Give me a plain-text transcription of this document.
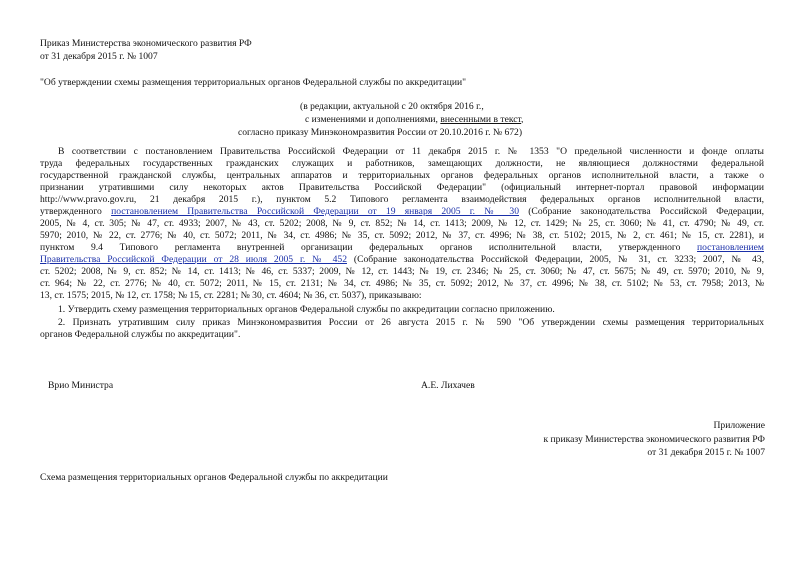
Приказ Министерства экономического развития РФ
от 31 декабря 2015 г. № 1007
"Об утверждении схемы размещения территориальных органов Федеральной службы по аккредитации"
(в редакции, актуальной с 20 октября 2016 г.,
с изменениями и дополнениями, внесенными в текст,
согласно приказу Минэкономразвития России от 20.10.2016 г. № 672)
В соответствии с постановлением Правительства Российской Федерации от 11 декабря 2015 г. № 1353 "О предельной численности и фонде оплаты
труда федеральных государственных гражданских служащих и работников, замещающих должности, не являющиеся должностями федеральной
государственной гражданской службы, центральных аппаратов и территориальных органов федеральных органов исполнительной власти, а также о
признании утратившими силу некоторых актов Правительства Российской Федерации" (официальный интернет-портал правовой информации
http://www.pravo.gov.ru, 21 декабря 2015 г.), пунктом 5.2 Типового регламента взаимодействия федеральных органов исполнительной власти,
утвержденного постановлением Правительства Российской Федерации от 19 января 2005 г. № 30 (Собрание законодательства Российской Федерации,
2005, № 4, ст. 305; № 47, ст. 4933; 2007, № 43, ст. 5202; 2008, № 9, ст. 852; № 14, ст. 1413; 2009, № 12, ст. 1429; № 25, ст. 3060; № 41, ст. 4790; № 49, ст.
5970; 2010, № 22, ст. 2776; № 40, ст. 5072; 2011, № 34, ст. 4986; № 35, ст. 5092; 2012, № 37, ст. 4996; № 38, ст. 5102; 2015, № 2, ст. 461; № 15, ст. 2281), и
пунктом 9.4 Типового регламента внутренней организации федеральных органов исполнительной власти, утвержденного постановлением
Правительства Российской Федерации от 28 июля 2005 г. № 452 (Собрание законодательства Российской Федерации, 2005, № 31, ст. 3233; 2007, № 43,
ст. 5202; 2008, № 9, ст. 852; № 14, ст. 1413; № 46, ст. 5337; 2009, № 12, ст. 1443; № 19, ст. 2346; № 25, ст. 3060; № 47, ст. 5675; № 49, ст. 5970; 2010, № 9,
ст. 964; № 22, ст. 2776; № 40, ст. 5072; 2011, № 15, ст. 2131; № 34, ст. 4986; № 35, ст. 5092; 2012, № 37, ст. 4996; № 38, ст. 5102; № 53, ст. 7958; 2013, №
13, ст. 1575; 2015, № 12, ст. 1758; № 15, ст. 2281; № 30, ст. 4604; № 36, ст. 5037), приказываю:
1. Утвердить схему размещения территориальных органов Федеральной службы по аккредитации согласно приложению.
2. Признать утратившим силу приказ Минэкономразвития России от 26 августа 2015 г. № 590 "Об утверждении схемы размещения территориальных
органов Федеральной службы по аккредитации".
Врио Министра	А.Е. Лихачев
Приложение
к приказу Министерства экономического развития РФ
от 31 декабря 2015 г. № 1007
Схема размещения территориальных органов Федеральной службы по аккредитации
